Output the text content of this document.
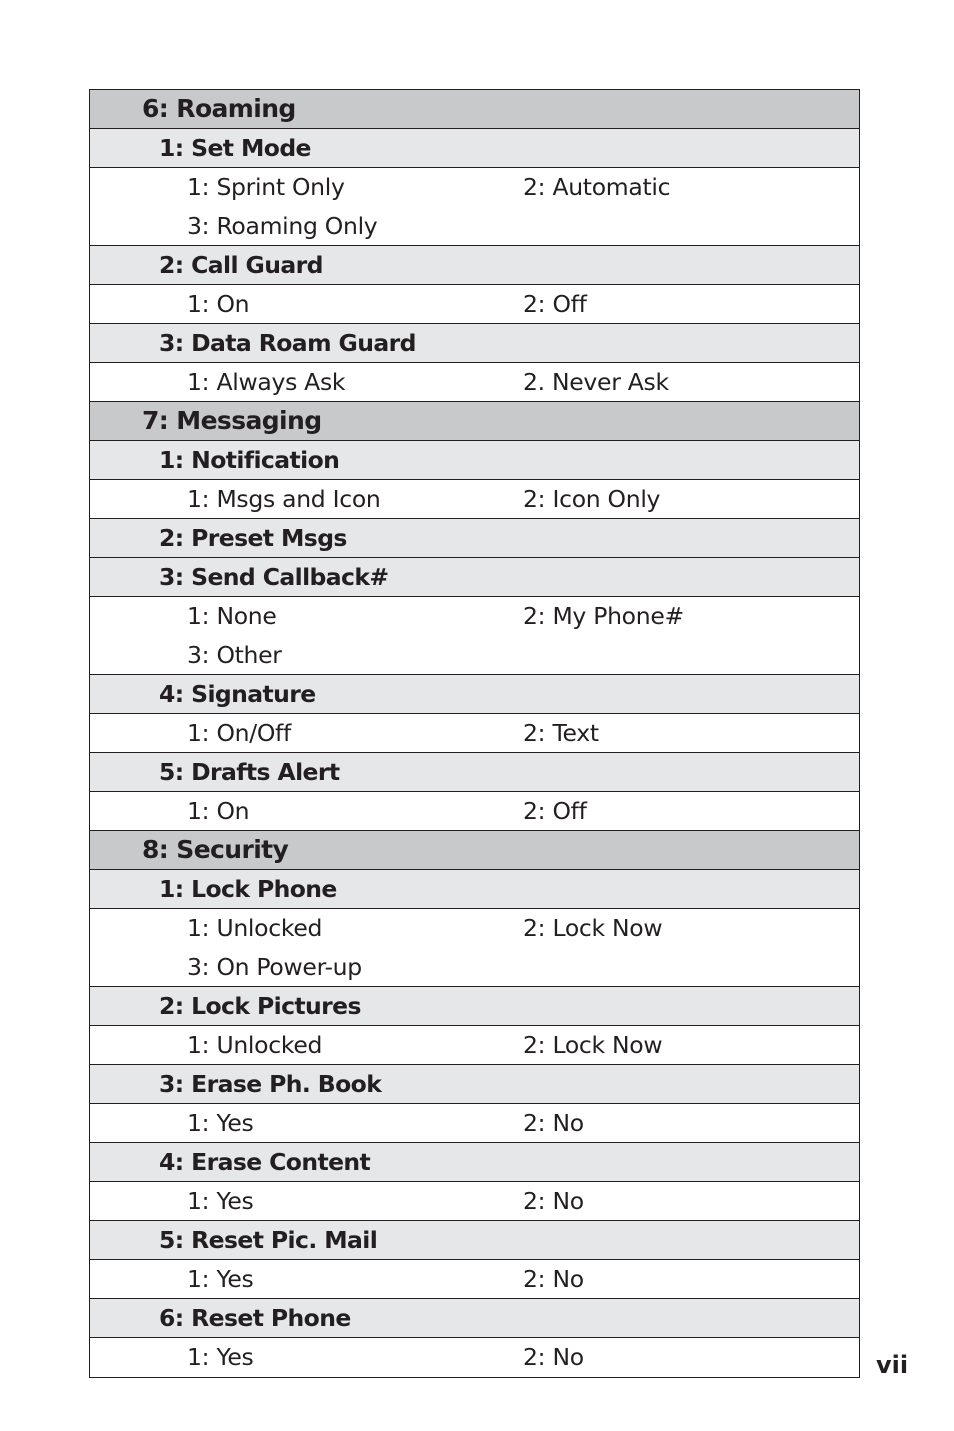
6: Roaming
1: Set Mode
1: Sprint Only	2: Automatic
3: Roaming Only
2: Call Guard
1: On	2: Off
3: Data Roam Guard
1: Always Ask	2. Never Ask
7: Messaging
1: Notification
1: Msgs and Icon	2: Icon Only
2: Preset Msgs
3: Send Callback#
1: None	2: My Phone#
3: Other
4: Signature
1: On/Off	2: Text
5: Drafts Alert
1: On	2: Off
8: Security
1: Lock Phone
1: Unlocked	2: Lock Now
3: On Power-up
2: Lock Pictures
1: Unlocked	2: Lock Now
3: Erase Ph. Book
1: Yes	2: No
4: Erase Content
1: Yes	2: No
5: Reset Pic. Mail
1: Yes	2: No
6: Reset Phone
1: Yes	2: No	vii
